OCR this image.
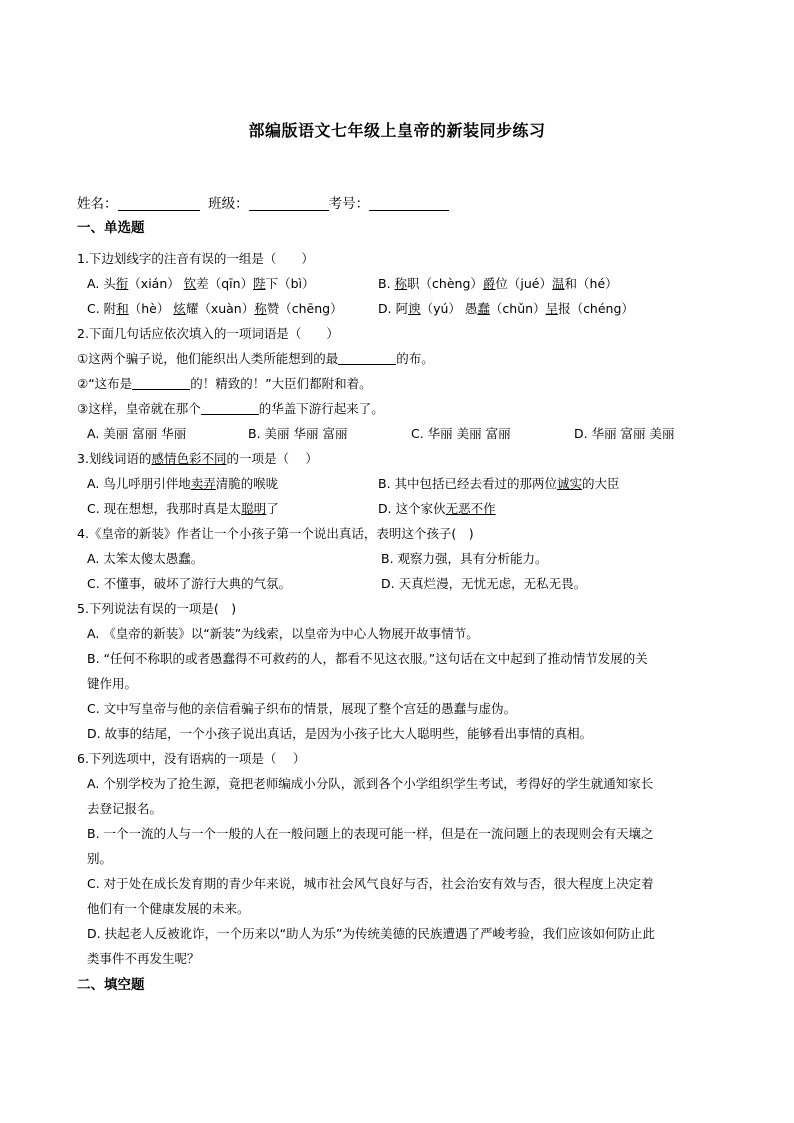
部编版语文七年级上皇帝的新装同步练习
姓名：	班级：	考号：
一、单选题
1.下边划线字的注音有误的一组是（　　）
A. 头衔（xián） 钦差（qīn）陛下（bì）	B. 称职（chèng）爵位（jué）温和（hé）
C. 附和（hè） 炫耀（xuàn）称赞（chēng）	D. 阿谀（yú） 愚蠢（chǔn）呈报（chéng）
2.下面几句话应依次填入的一项词语是（　　）
①这两个骗子说，他们能织出人类所能想到的最	的布。
②“这布是	的！精致的！”大臣们都附和着。
③这样，皇帝就在那个	的华盖下游行起来了。
A. 美丽 富丽 华丽	B. 美丽 华丽 富丽	C. 华丽 美丽 富丽	D. 华丽 富丽 美丽
3.划线词语的感情色彩不同的一项是（　 ）
A. 鸟儿呼朋引伴地卖弄清脆的喉咙	B. 其中包括已经去看过的那两位诚实的大臣
C. 现在想想，我那时真是太聪明了	D. 这个家伙无恶不作
4.《皇帝的新装》作者让一个小孩子第一个说出真话，表明这个孩子(　)
A. 太笨太傻太愚蠢。	B. 观察力强，具有分析能力。
C. 不懂事，破坏了游行大典的气氛。	D. 天真烂漫，无忧无虑，无私无畏。
5.下列说法有误的一项是(　)
A. 《皇帝的新装》以“新装”为线索，以皇帝为中心人物展开故事情节。
B. “任何不称职的或者愚蠢得不可救药的人，都看不见这衣服。”这句话在文中起到了推动情节发展的关
键作用。
C. 文中写皇帝与他的亲信看骗子织布的情景，展现了整个宫廷的愚蠢与虚伪。
D. 故事的结尾，一个小孩子说出真话，是因为小孩子比大人聪明些，能够看出事情的真相。
6.下列选项中，没有语病的一项是（　 ）
A. 个别学校为了抢生源，竟把老师编成小分队，派到各个小学组织学生考试，考得好的学生就通知家长
去登记报名。
B. 一个一流的人与一个一般的人在一般问题上的表现可能一样，但是在一流问题上的表现则会有天壤之
别。
C. 对于处在成长发育期的青少年来说，城市社会风气良好与否，社会治安有效与否，很大程度上决定着
他们有一个健康发展的未来。
D. 扶起老人反被讹诈，一个历来以“助人为乐”为传统美德的民族遭遇了严峻考验，我们应该如何防止此
类事件不再发生呢？
二、填空题
